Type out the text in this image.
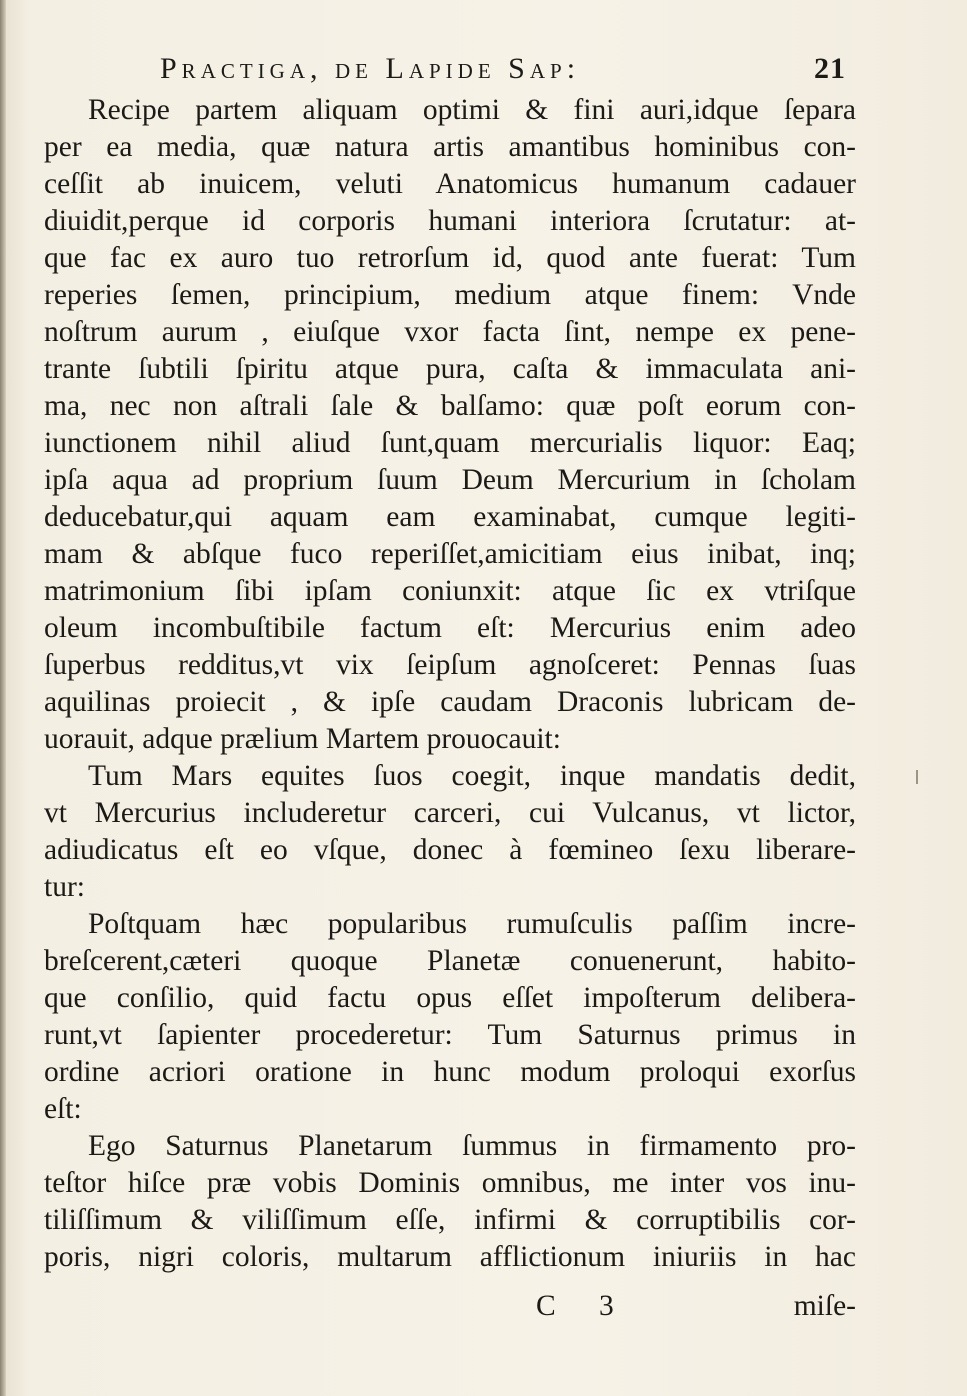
Practiga, de Lapide Sap:	21
Recipe partem aliquam optimi & fini auri,idque ſepara
per ea media, quæ natura artis amantibus hominibus con-
ceſſit ab inuicem, veluti Anatomicus humanum cadauer
diuidit,perque id corporis humani interiora ſcrutatur: at-
que fac ex auro tuo retrorſum id, quod ante fuerat: Tum
reperies ſemen, principium, medium atque finem: Vnde
noſtrum aurum , eiuſque vxor facta ſint, nempe ex pene-
trante ſubtili ſpiritu atque pura, caſta & immaculata ani-
ma, nec non aſtrali ſale & balſamo: quæ poſt eorum con-
iunctionem nihil aliud ſunt,quam mercurialis liquor: Eaq;
ipſa aqua ad proprium ſuum Deum Mercurium in ſcholam
deducebatur,qui aquam eam examinabat, cumque legiti-
mam & abſque fuco reperiſſet,amicitiam eius inibat, inq;
matrimonium ſibi ipſam coniunxit: atque ſic ex vtriſque
oleum incombuſtibile factum eſt: Mercurius enim adeo
ſuperbus redditus,vt vix ſeipſum agnoſceret: Pennas ſuas
aquilinas proiecit , & ipſe caudam Draconis lubricam de-
uorauit, adque prælium Martem prouocauit:
Tum Mars equites ſuos coegit, inque mandatis dedit,
vt Mercurius includeretur carceri, cui Vulcanus, vt lictor,
adiudicatus eſt eo vſque, donec à fœmineo ſexu liberare-
tur:
Poſtquam hæc popularibus rumuſculis paſſim incre-
breſcerent,cæteri quoque Planetæ conuenerunt, habito-
que conſilio, quid factu opus eſſet impoſterum delibera-
runt,vt ſapienter procederetur: Tum Saturnus primus in
ordine acriori oratione in hunc modum proloqui exorſus
eſt:
Ego Saturnus Planetarum ſummus in firmamento pro-
teſtor hiſce præ vobis Dominis omnibus, me inter vos inu-
tiliſſimum & viliſſimum eſſe, infirmi & corruptibilis cor-
poris, nigri coloris, multarum afflictionum iniuriis in hac
C 3	miſe-
